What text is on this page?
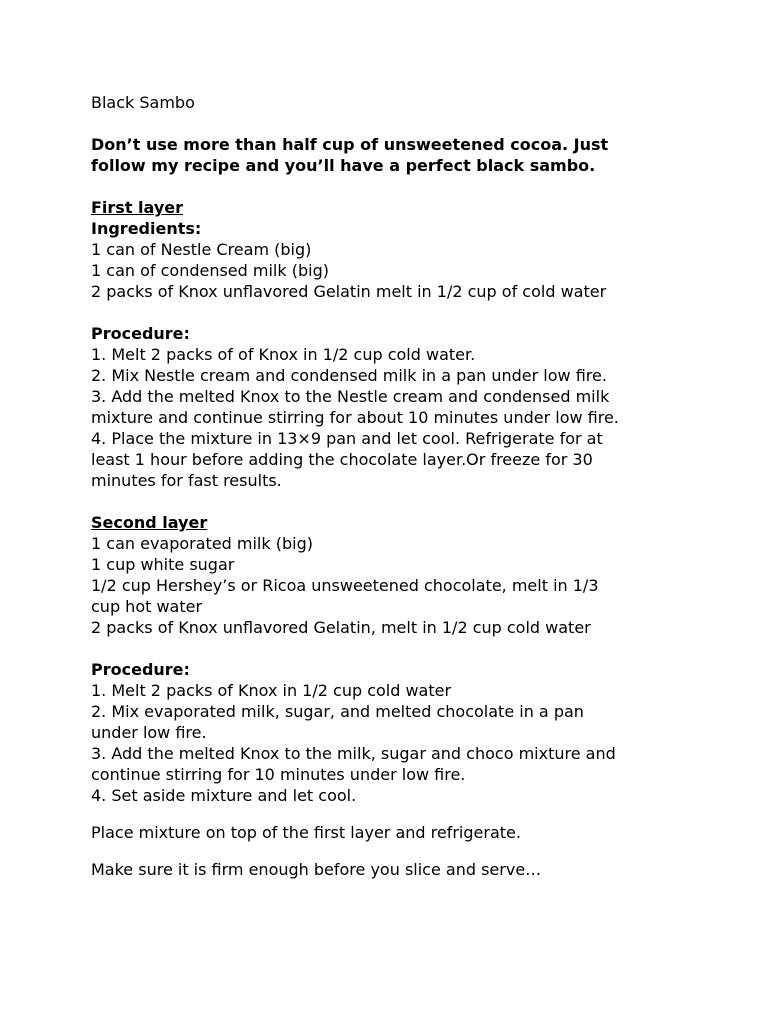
Black Sambo
Don’t use more than half cup of unsweetened cocoa. Just
follow my recipe and you’ll have a perfect black sambo.
First layer
Ingredients:
1 can of Nestle Cream (big)
1 can of condensed milk (big)
2 packs of Knox unflavored Gelatin melt in 1/2 cup of cold water
Procedure:
1. Melt 2 packs of of Knox in 1/2 cup cold water.
2. Mix Nestle cream and condensed milk in a pan under low fire.
3. Add the melted Knox to the Nestle cream and condensed milk
mixture and continue stirring for about 10 minutes under low fire.
4. Place the mixture in 13×9 pan and let cool. Refrigerate for at
least 1 hour before adding the chocolate layer.Or freeze for 30
minutes for fast results.
Second layer
1 can evaporated milk (big)
1 cup white sugar
1/2 cup Hershey’s or Ricoa unsweetened chocolate, melt in 1/3
cup hot water
2 packs of Knox unflavored Gelatin, melt in 1/2 cup cold water
Procedure:
1. Melt 2 packs of Knox in 1/2 cup cold water
2. Mix evaporated milk, sugar, and melted chocolate in a pan
under low fire.
3. Add the melted Knox to the milk, sugar and choco mixture and
continue stirring for 10 minutes under low fire.
4. Set aside mixture and let cool.
Place mixture on top of the first layer and refrigerate.
Make sure it is firm enough before you slice and serve…
